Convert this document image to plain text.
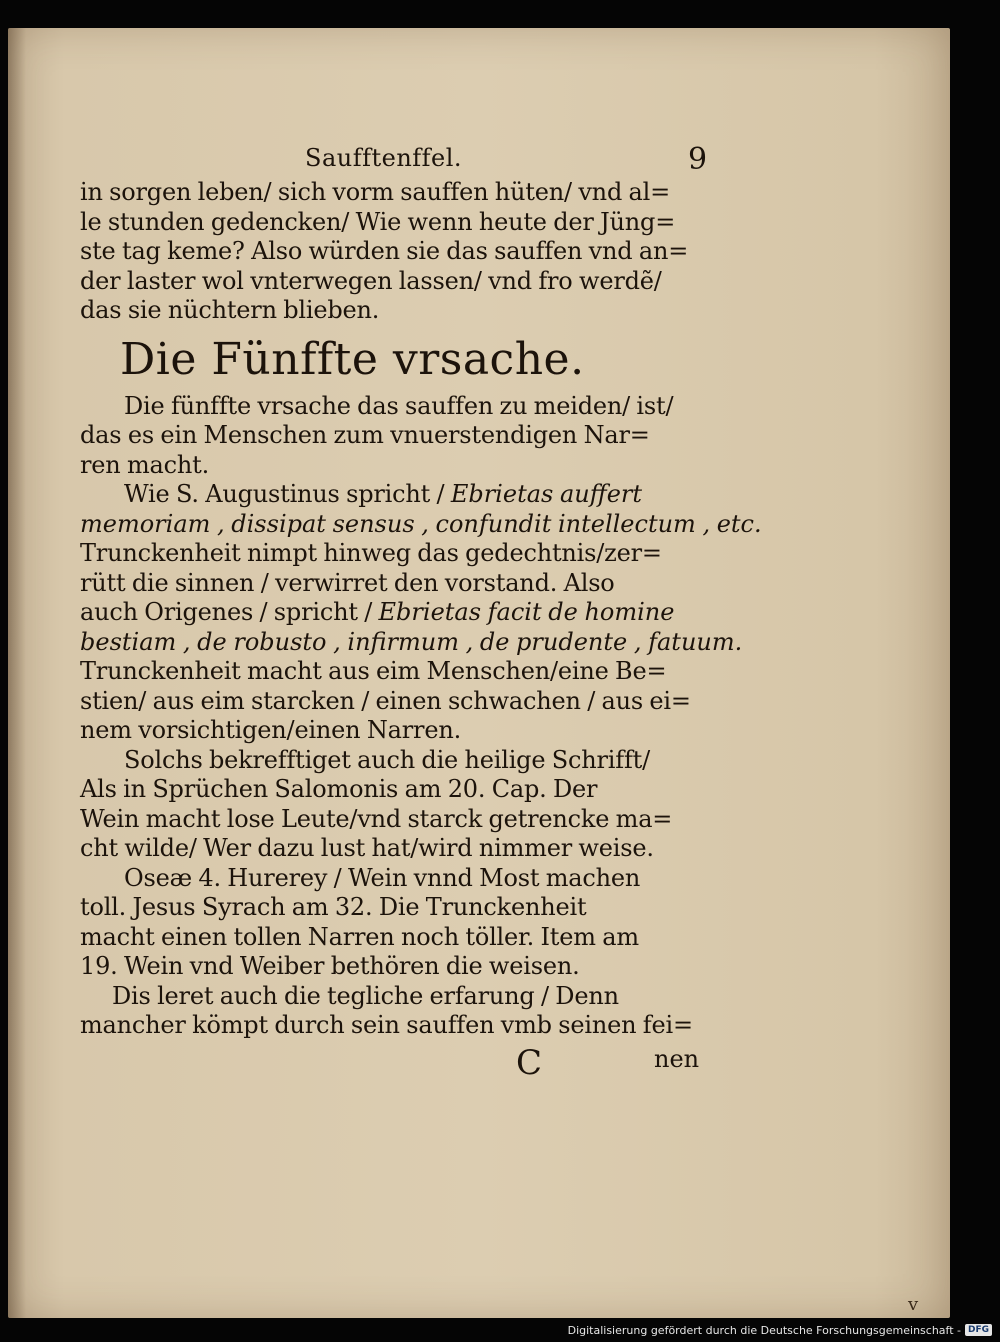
Saufftenffel.	9
in sorgen leben/ sich vorm sauffen hüten/ vnd al=
le stunden gedencken/ Wie wenn heute der Jüng=
ste tag keme? Also würden sie das sauffen vnd an=
der laster wol vnterwegen lassen/ vnd fro werdẽ/
das sie nüchtern blieben.
Die Fünffte vrsache.
Die fünffte vrsache das sauffen zu meiden/ ist/
das es ein Menschen zum vnuerstendigen Nar=
ren macht.
Wie S. Augustinus spricht / Ebrietas auffert
memoriam , dissipat sensus , confundit intellectum , etc.
Trunckenheit nimpt hinweg das gedechtnis/zer=
rütt die sinnen / verwirret den vorstand. Also
auch Origenes / spricht / Ebrietas facit de homine
bestiam , de robusto , infirmum , de prudente , fatuum.
Trunckenheit macht aus eim Menschen/eine Be=
stien/ aus eim starcken / einen schwachen / aus ei=
nem vorsichtigen/einen Narren.
Solchs bekrefftiget auch die heilige Schrifft/
Als in Sprüchen Salomonis am 20. Cap. Der
Wein macht lose Leute/vnd starck getrencke ma=
cht wilde/ Wer dazu lust hat/wird nimmer weise.
Oseæ 4. Hurerey / Wein vnnd Most machen
toll. Jesus Syrach am 32. Die Trunckenheit
macht einen tollen Narren noch töller. Item am
19. Wein vnd Weiber bethören die weisen.
Dis leret auch die tegliche erfarung / Denn
mancher kömpt durch sein sauffen vmb seinen fei=
C	nen
v
Digitalisierung gefördert durch die Deutsche Forschungsgemeinschaft - DFG
